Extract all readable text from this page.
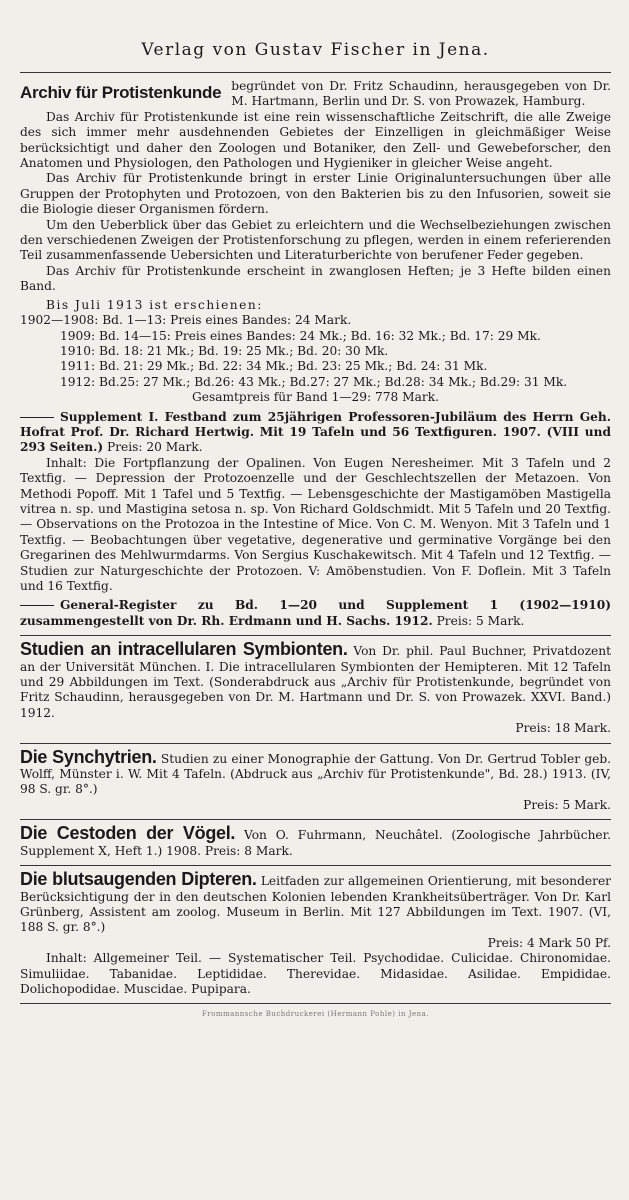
Verlag von Gustav Fischer in Jena.
Archiv für Protistenkunde begründet von Dr. Fritz Schaudinn, herausgegeben von Dr. M. Hartmann, Berlin und Dr. S. von Prowazek, Hamburg.

Das Archiv für Protistenkunde ist eine rein wissenschaftliche Zeitschrift, die alle Zweige des sich immer mehr ausdehnenden Gebietes der Einzelligen in gleichmäßiger Weise berücksichtigt und daher den Zoologen und Botaniker, den Zell- und Gewebeforscher, den Anatomen und Physiologen, den Pathologen und Hygieniker in gleicher Weise angeht.

Das Archiv für Protistenkunde bringt in erster Linie Originaluntersuchungen über alle Gruppen der Protophyten und Protozoen, von den Bakterien bis zu den Infusorien, soweit sie die Biologie dieser Organismen fördern.

Um den Ueberblick über das Gebiet zu erleichtern und die Wechselbeziehungen zwischen den verschiedenen Zweigen der Protistenforschung zu pflegen, werden in einem referierenden Teil zusammenfassende Uebersichten und Literaturberichte von berufener Feder gegeben.

Das Archiv für Protistenkunde erscheint in zwanglosen Heften; je 3 Hefte bilden einen Band.

Bis Juli 1913 ist erschienen:

1902—1908: Bd. 1—13: Preis eines Bandes: 24 Mark.
1909: Bd. 14—15: Preis eines Bandes: 24 Mk.; Bd. 16: 32 Mk.; Bd. 17: 29 Mk.
1910: Bd. 18: 21 Mk.; Bd. 19: 25 Mk.; Bd. 20: 30 Mk.
1911: Bd. 21: 29 Mk.; Bd. 22: 34 Mk.; Bd. 23: 25 Mk.; Bd. 24: 31 Mk.
1912: Bd.25: 27 Mk.; Bd.26: 43 Mk.; Bd.27: 27 Mk.; Bd.28: 34 Mk.; Bd.29: 31 Mk.
Gesamtpreis für Band 1—29: 778 Mark.

Supplement I. Festband zum 25jährigen Professoren-Jubiläum des Herrn Geh. Hofrat Prof. Dr. Richard Hertwig. Mit 19 Tafeln und 56 Textfiguren. 1907. (VIII und 293 Seiten.) Preis: 20 Mark.

Inhalt: Die Fortpflanzung der Opalinen. Von Eugen Neresheimer. Mit 3 Tafeln und 2 Textfig. — Depression der Protozoenzelle und der Geschlechtszellen der Metazoen. Von Methodi Popoff. Mit 1 Tafel und 5 Textfig. — Lebensgeschichte der Mastigamöben Mastigella vitrea n. sp. und Mastigina setosa n. sp. Von Richard Goldschmidt. Mit 5 Tafeln und 20 Textfig. — Observations on the Protozoa in the Intestine of Mice. Von C. M. Wenyon. Mit 3 Tafeln und 1 Textfig. — Beobachtungen über vegetative, degenerative und germinative Vorgänge bei den Gregarinen des Mehlwurmdarms. Von Sergius Kuschakewitsch. Mit 4 Tafeln und 12 Textfig. — Studien zur Naturgeschichte der Protozoen. V: Amöbenstudien. Von F. Doflein. Mit 3 Tafeln und 16 Textfig.

General-Register zu Bd. 1—20 und Supplement 1 (1902—1910) zusammengestellt von Dr. Rh. Erdmann und H. Sachs. 1912. Preis: 5 Mark.

Studien an intracellularen Symbionten. Von Dr. phil. Paul Buchner, Privatdozent an der Universität München. I. Die intracellularen Symbionten der Hemipteren. Mit 12 Tafeln und 29 Abbildungen im Text. (Sonderabdruck aus „Archiv für Protistenkunde, begründet von Fritz Schaudinn, herausgegeben von Dr. M. Hartmann und Dr. S. von Prowazek. XXVI. Band.) 1912.
Preis: 18 Mark.
Die Synchytrien. Studien zu einer Monographie der Gattung. Von Dr. Gertrud Tobler geb. Wolff, Münster i. W. Mit 4 Tafeln. (Abdruck aus „Archiv für Protistenkunde", Bd. 28.) 1913. (IV, 98 S. gr. 8°.)
Preis: 5 Mark.
Die Cestoden der Vögel. Von O. Fuhrmann, Neuchâtel. (Zoologische Jahrbücher. Supplement X, Heft 1.) 1908. Preis: 8 Mark.
Die blutsaugenden Dipteren. Leitfaden zur allgemeinen Orientierung, mit besonderer Berücksichtigung der in den deutschen Kolonien lebenden Krankheitsüberträger. Von Dr. Karl Grünberg, Assistent am zoolog. Museum in Berlin. Mit 127 Abbildungen im Text. 1907. (VI, 188 S. gr. 8°.)
Preis: 4 Mark 50 Pf.

Inhalt: Allgemeiner Teil. — Systematischer Teil. Psychodidae. Culicidae. Chironomidae. Simuliidae. Tabanidae. Leptididae. Therevidae. Midasidae. Asilidae. Empididae. Dolichopodidae. Muscidae. Pupipara.

Frommannsche Buchdruckerei (Hermann Pohle) in Jena.
